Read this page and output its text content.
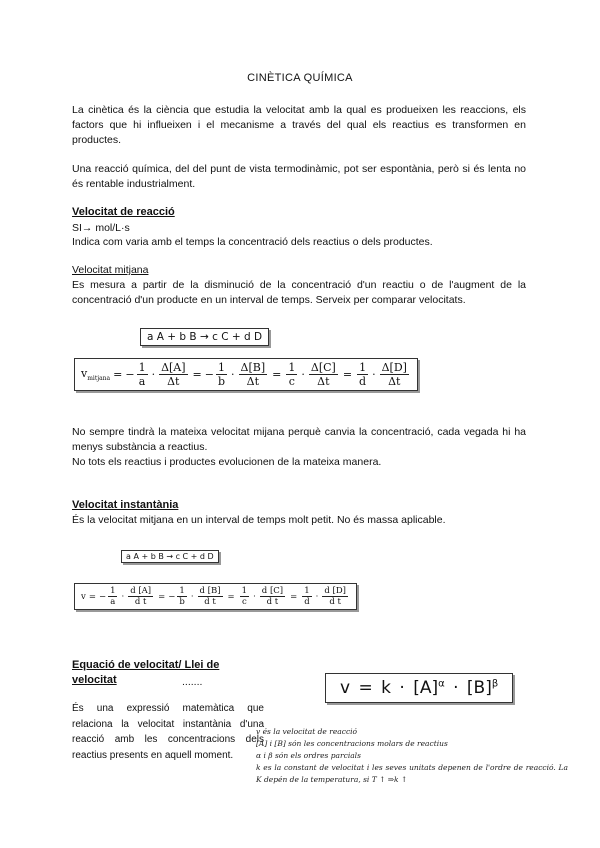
CINÈTICA QUÍMICA
La cinètica és la ciència que estudia la velocitat amb la qual es produeixen les reaccions, els factors que hi influeixen i el mecanisme a través del qual els reactius es transformen en productes.
Una reacció química, del del punt de vista termodinàmic, pot ser espontània, però si és lenta no és rentable industrialment.
Velocitat de reacció
SI→ mol/L·s
Indica com varia amb el temps la concentració dels reactius o dels productes.
Velocitat mitjana
Es mesura a partir de la disminució de la concentració d'un reactiu o de l'augment de la concentració d'un producte en un interval de temps. Serveix per comparar velocitats.
a A + b B → c C + d D
$v_{mitjana}$ = − $\frac{1}{a} \cdot \frac{\Delta[A]}{\Delta t}$ = − $\frac{1}{b} \cdot \frac{\Delta[B]}{\Delta t} = \frac{1}{c} \cdot \frac{\Delta[C]}{\Delta t} = \frac{1}{d} \cdot \frac{\Delta[D]}{\Delta t}$
No sempre tindrà la mateixa velocitat mijana perquè canvia la concentració, cada vegada hi ha menys substància a reactius.
No tots els reactius i productes evolucionen de la mateixa manera.
Velocitat instantània
És la velocitat mitjana en un interval de temps molt petit. No és massa aplicable.
a A + b B → c C + d D
v = − $\frac{1}{a} \cdot \frac{d [A]}{\text{d t}}$ = − $\frac{1}{b} \cdot \frac{d [B]}{\text{d t}} = \frac{1}{c} \cdot \frac{d [C]}{\text{d t}} = \frac{1}{d} \cdot \frac{d [D]}{\text{d t}}$
Equació de velocitat/ Llei de
velocitat	.......
És una expressió matemàtica que relaciona la velocitat instantània d'una reacció amb les concentracions dels reactius presents en aquell moment.
$v = k \cdot [A]^\alpha \cdot [B]^\beta$
v és la velocitat de reacció
[A] i [B] són les concentracions molars de reactius
α i β són els ordres parcials
k es la constant de velocitat i les seves unitats depenen de l'ordre de reacció. La K depén de la temperatura, si T ↑ ⇒k ↑
